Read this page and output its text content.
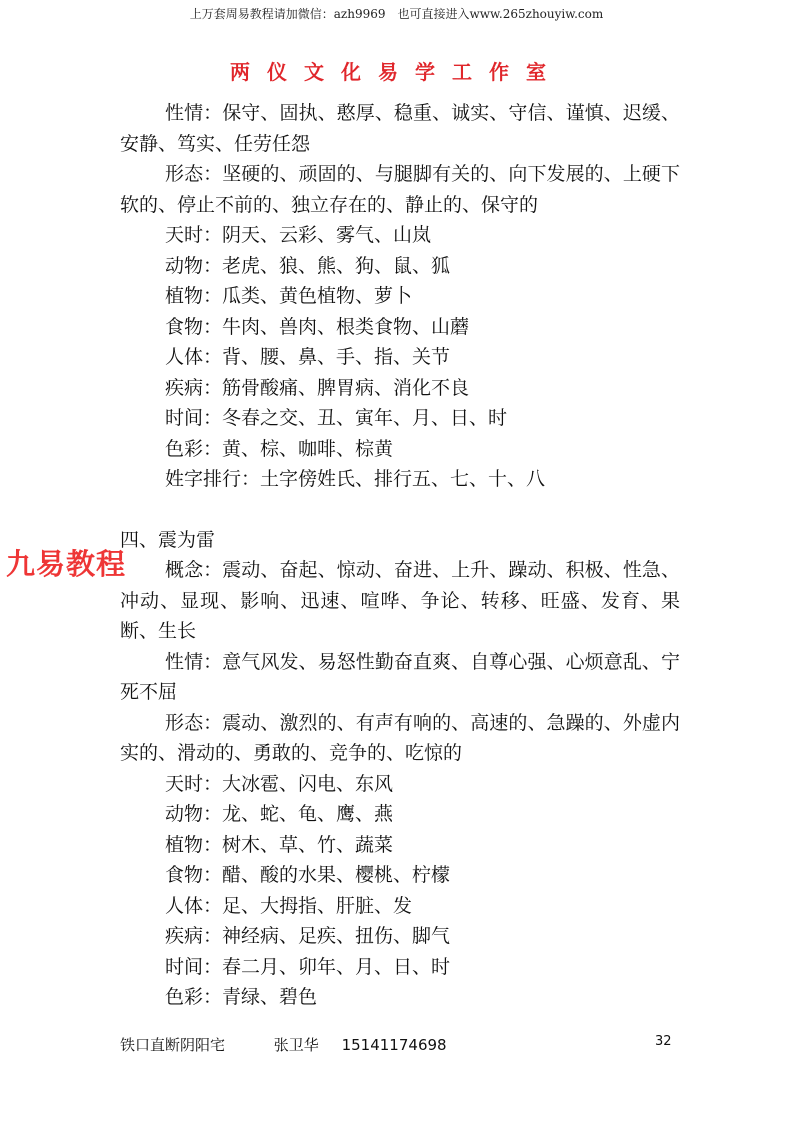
上万套周易教程请加微信：azh9969　也可直接进入www.265zhouyiw.com
两仪文化易学工作室
九易教程

性情：保守、固执、憨厚、稳重、诚实、守信、谨慎、迟缓、安静、笃实、任劳任怨

形态：坚硬的、顽固的、与腿脚有关的、向下发展的、上硬下软的、停止不前的、独立存在的、静止的、保守的

天时：阴天、云彩、雾气、山岚

动物：老虎、狼、熊、狗、鼠、狐

植物：瓜类、黄色植物、萝卜

食物：牛肉、兽肉、根类食物、山蘑

人体：背、腰、鼻、手、指、关节

疾病：筋骨酸痛、脾胃病、消化不良

时间：冬春之交、丑、寅年、月、日、时

色彩：黄、棕、咖啡、棕黄

姓字排行：土字傍姓氏、排行五、七、十、八

四、震为雷

概念：震动、奋起、惊动、奋进、上升、躁动、积极、性急、冲动、显现、影响、迅速、喧哗、争论、转移、旺盛、发育、果断、生长

性情：意气风发、易怒性勤奋直爽、自尊心强、心烦意乱、宁死不屈

形态：震动、激烈的、有声有响的、高速的、急躁的、外虚内实的、滑动的、勇敢的、竞争的、吃惊的

天时：大冰雹、闪电、东风

动物：龙、蛇、龟、鹰、燕

植物：树木、草、竹、蔬菜

食物：醋、酸的水果、樱桃、柠檬

人体：足、大拇指、肝脏、发

疾病：神经病、足疾、扭伤、脚气

时间：春二月、卯年、月、日、时

色彩：青绿、碧色

铁口直断阴阳宅	张卫华 15141174698	32
